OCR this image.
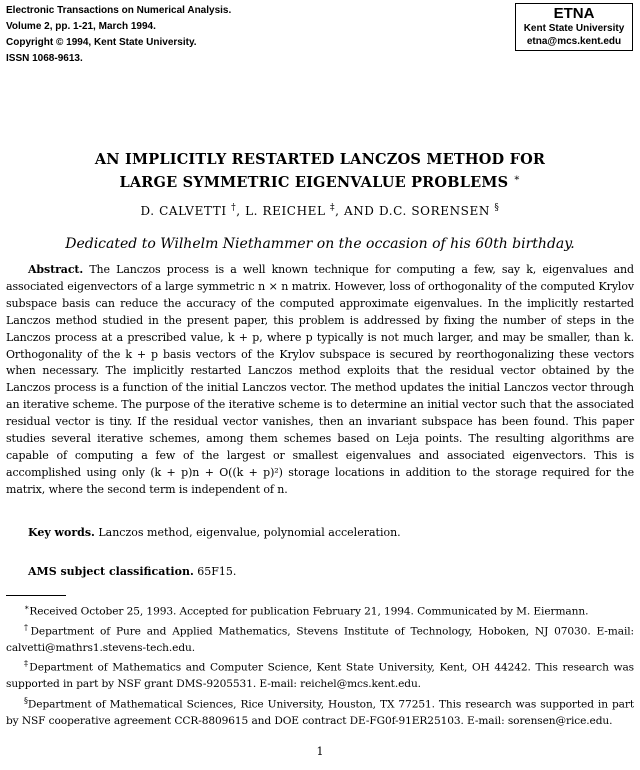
Electronic Transactions on Numerical Analysis.
Volume 2, pp. 1-21, March 1994.
Copyright © 1994, Kent State University.
ISSN 1068-9613.
ETNA
Kent State University
etna@mcs.kent.edu
AN IMPLICITLY RESTARTED LANCZOS METHOD FOR
LARGE SYMMETRIC EIGENVALUE PROBLEMS ∗
D. CALVETTI †, L. REICHEL ‡, AND D.C. SORENSEN §
Dedicated to Wilhelm Niethammer on the occasion of his 60th birthday.
Abstract. The Lanczos process is a well known technique for computing a few, say k, eigenvalues and associated eigenvectors of a large symmetric n × n matrix. However, loss of orthogonality of the computed Krylov subspace basis can reduce the accuracy of the computed approximate eigenvalues. In the implicitly restarted Lanczos method studied in the present paper, this problem is addressed by fixing the number of steps in the Lanczos process at a prescribed value, k + p, where p typically is not much larger, and may be smaller, than k. Orthogonality of the k + p basis vectors of the Krylov subspace is secured by reorthogonalizing these vectors when necessary. The implicitly restarted Lanczos method exploits that the residual vector obtained by the Lanczos process is a function of the initial Lanczos vector. The method updates the initial Lanczos vector through an iterative scheme. The purpose of the iterative scheme is to determine an initial vector such that the associated residual vector is tiny. If the residual vector vanishes, then an invariant subspace has been found. This paper studies several iterative schemes, among them schemes based on Leja points. The resulting algorithms are capable of computing a few of the largest or smallest eigenvalues and associated eigenvectors. This is accomplished using only (k + p)n + O((k + p)²) storage locations in addition to the storage required for the matrix, where the second term is independent of n.
Key words. Lanczos method, eigenvalue, polynomial acceleration.
AMS subject classification. 65F15.

∗Received October 25, 1993. Accepted for publication February 21, 1994. Communicated by M. Eiermann.

†Department of Pure and Applied Mathematics, Stevens Institute of Technology, Hoboken, NJ 07030. E-mail: calvetti@mathrs1.stevens-tech.edu.

‡Department of Mathematics and Computer Science, Kent State University, Kent, OH 44242. This research was supported in part by NSF grant DMS-9205531. E-mail: reichel@mcs.kent.edu.

§Department of Mathematical Sciences, Rice University, Houston, TX 77251. This research was supported in part by NSF cooperative agreement CCR-8809615 and DOE contract DE-FG0f-91ER25103. E-mail: sorensen@rice.edu.

1
